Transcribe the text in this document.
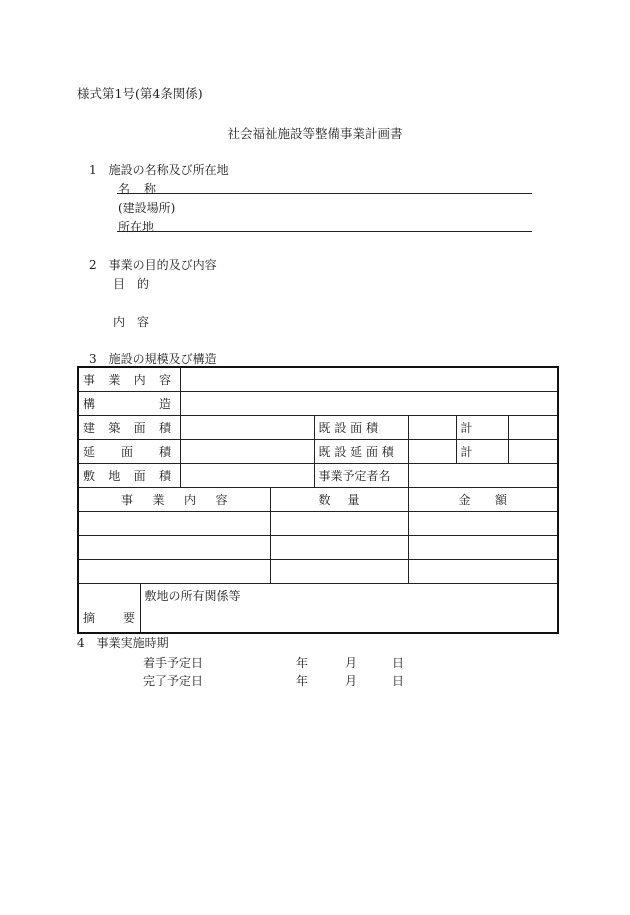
様式第1号(第4条関係)
社会福祉施設等整備事業計画書
1　施設の名称及び所在地
名 称
(建設場所)
所在地
2　事業の目的及び内容
目 的
内 容
3　施設の規模及び構造
事 業 内 容							

構 造							

建 築 面 積				既 設 面 積		計	

延 面 積				既 設 延 面 積		計	

敷 地 面 積				事業予定者名			

事 業 内 容			数 量		金 額		

摘 要	敷地の所有関係等						
4　事業実施時期
着手予定日	年	月	日
完了予定日	年	月	日
